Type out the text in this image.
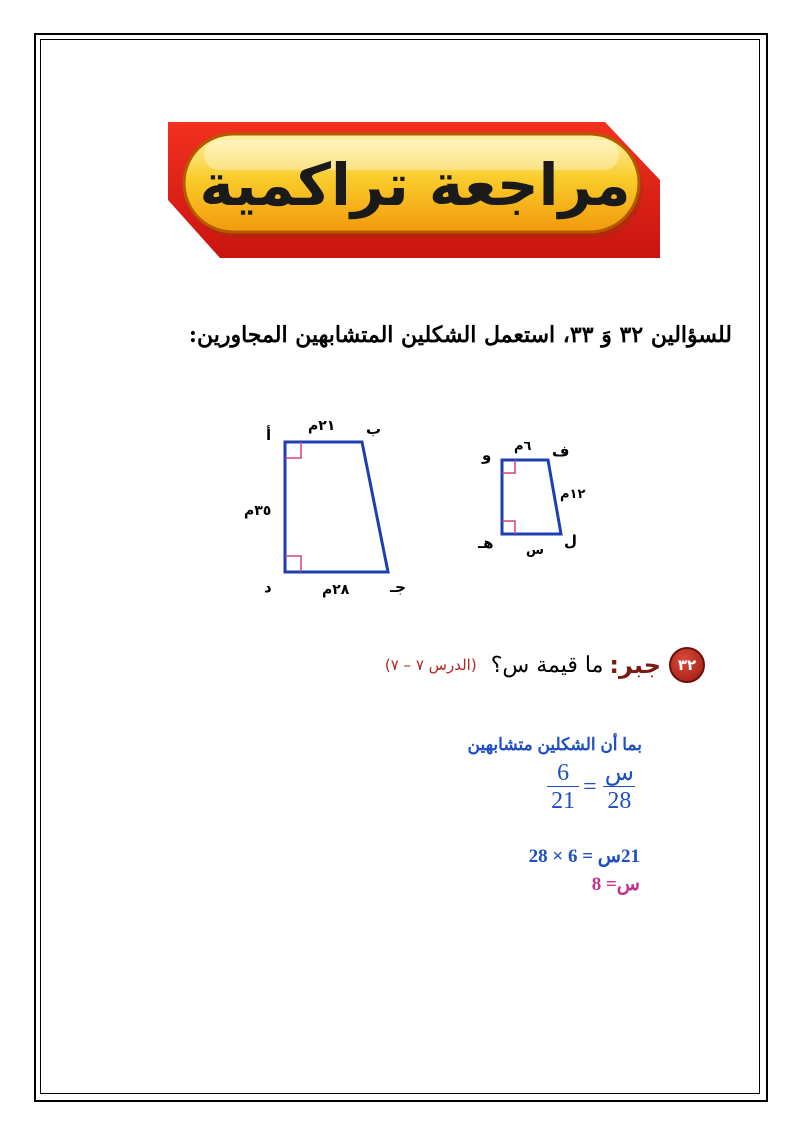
مراجعة تراكمية
للسؤالين ٣٢ وَ ٣٣، استعمل الشكلين المتشابهين المجاورين:
أ	ب
جـ
د
٢١م
٣٥م
٢٨م
و	ف
ل
هـ
٦م
١٢م
س
٣٢
جبر:
ما قيمة س؟
(الدرس ٧ – ٧)
بما أن الشكلين متشابهين
$\frac{6}{21} = \frac{\text{س}}{28}$
21س = 6 × 28
س= 8
